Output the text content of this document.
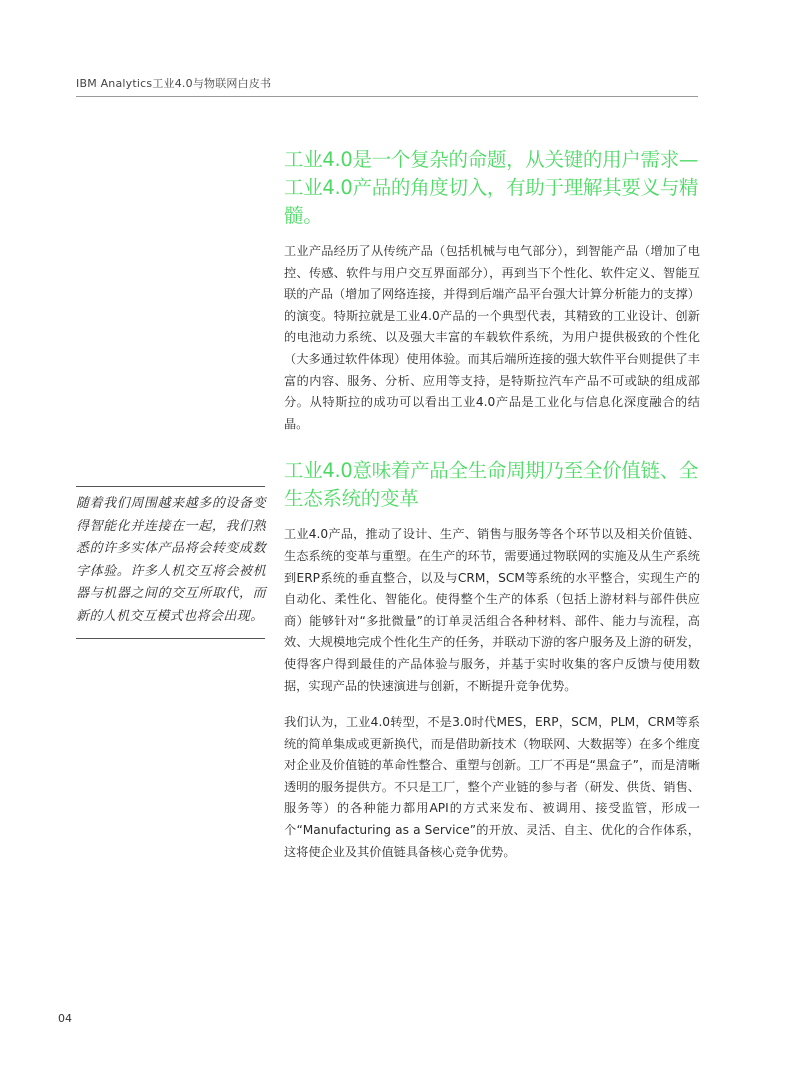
IBM Analytics工业4.0与物联网白皮书
工业4.0是一个复杂的命题，从关键的用户需求—工业4.0产品的角度切入，有助于理解其要义与精髓。

工业产品经历了从传统产品（包括机械与电气部分），到智能产品（增加了电控、传感、软件与用户交互界面部分），再到当下个性化、软件定义、智能互联的产品（增加了网络连接，并得到后端产品平台强大计算分析能力的支撑）的演变。特斯拉就是工业4.0产品的一个典型代表，其精致的工业设计、创新的电池动力系统、以及强大丰富的车载软件系统，为用户提供极致的个性化（大多通过软件体现）使用体验。而其后端所连接的强大软件平台则提供了丰富的内容、服务、分析、应用等支持，是特斯拉汽车产品不可或缺的组成部分。从特斯拉的成功可以看出工业4.0产品是工业化与信息化深度融合的结晶。

工业4.0意味着产品全生命周期乃至全价值链、全生态系统的变革

工业4.0产品，推动了设计、生产、销售与服务等各个环节以及相关价值链、生态系统的变革与重塑。在生产的环节，需要通过物联网的实施及从生产系统到ERP系统的垂直整合，以及与CRM，SCM等系统的水平整合，实现生产的自动化、柔性化、智能化。使得整个生产的体系（包括上游材料与部件供应商）能够针对“多批微量”的订单灵活组合各种材料、部件、能力与流程，高效、大规模地完成个性化生产的任务，并联动下游的客户服务及上游的研发，使得客户得到最佳的产品体验与服务，并基于实时收集的客户反馈与使用数据，实现产品的快速演进与创新，不断提升竞争优势。

我们认为，工业4.0转型，不是3.0时代MES，ERP，SCM，PLM，CRM等系统的简单集成或更新换代，而是借助新技术（物联网、大数据等）在多个维度对企业及价值链的革命性整合、重塑与创新。工厂不再是“黑盒子”，而是清晰透明的服务提供方。不只是工厂，整个产业链的参与者（研发、供货、销售、服务等）的各种能力都用API的方式来发布、被调用、接受监管，形成一个“Manufacturing as a Service”的开放、灵活、自主、优化的合作体系，这将使企业及其价值链具备核心竞争优势。

随着我们周围越来越多的设备变得智能化并连接在一起，我们熟悉的许多实体产品将会转变成数字体验。许多人机交互将会被机器与机器之间的交互所取代，而新的人机交互模式也将会出现。

04
